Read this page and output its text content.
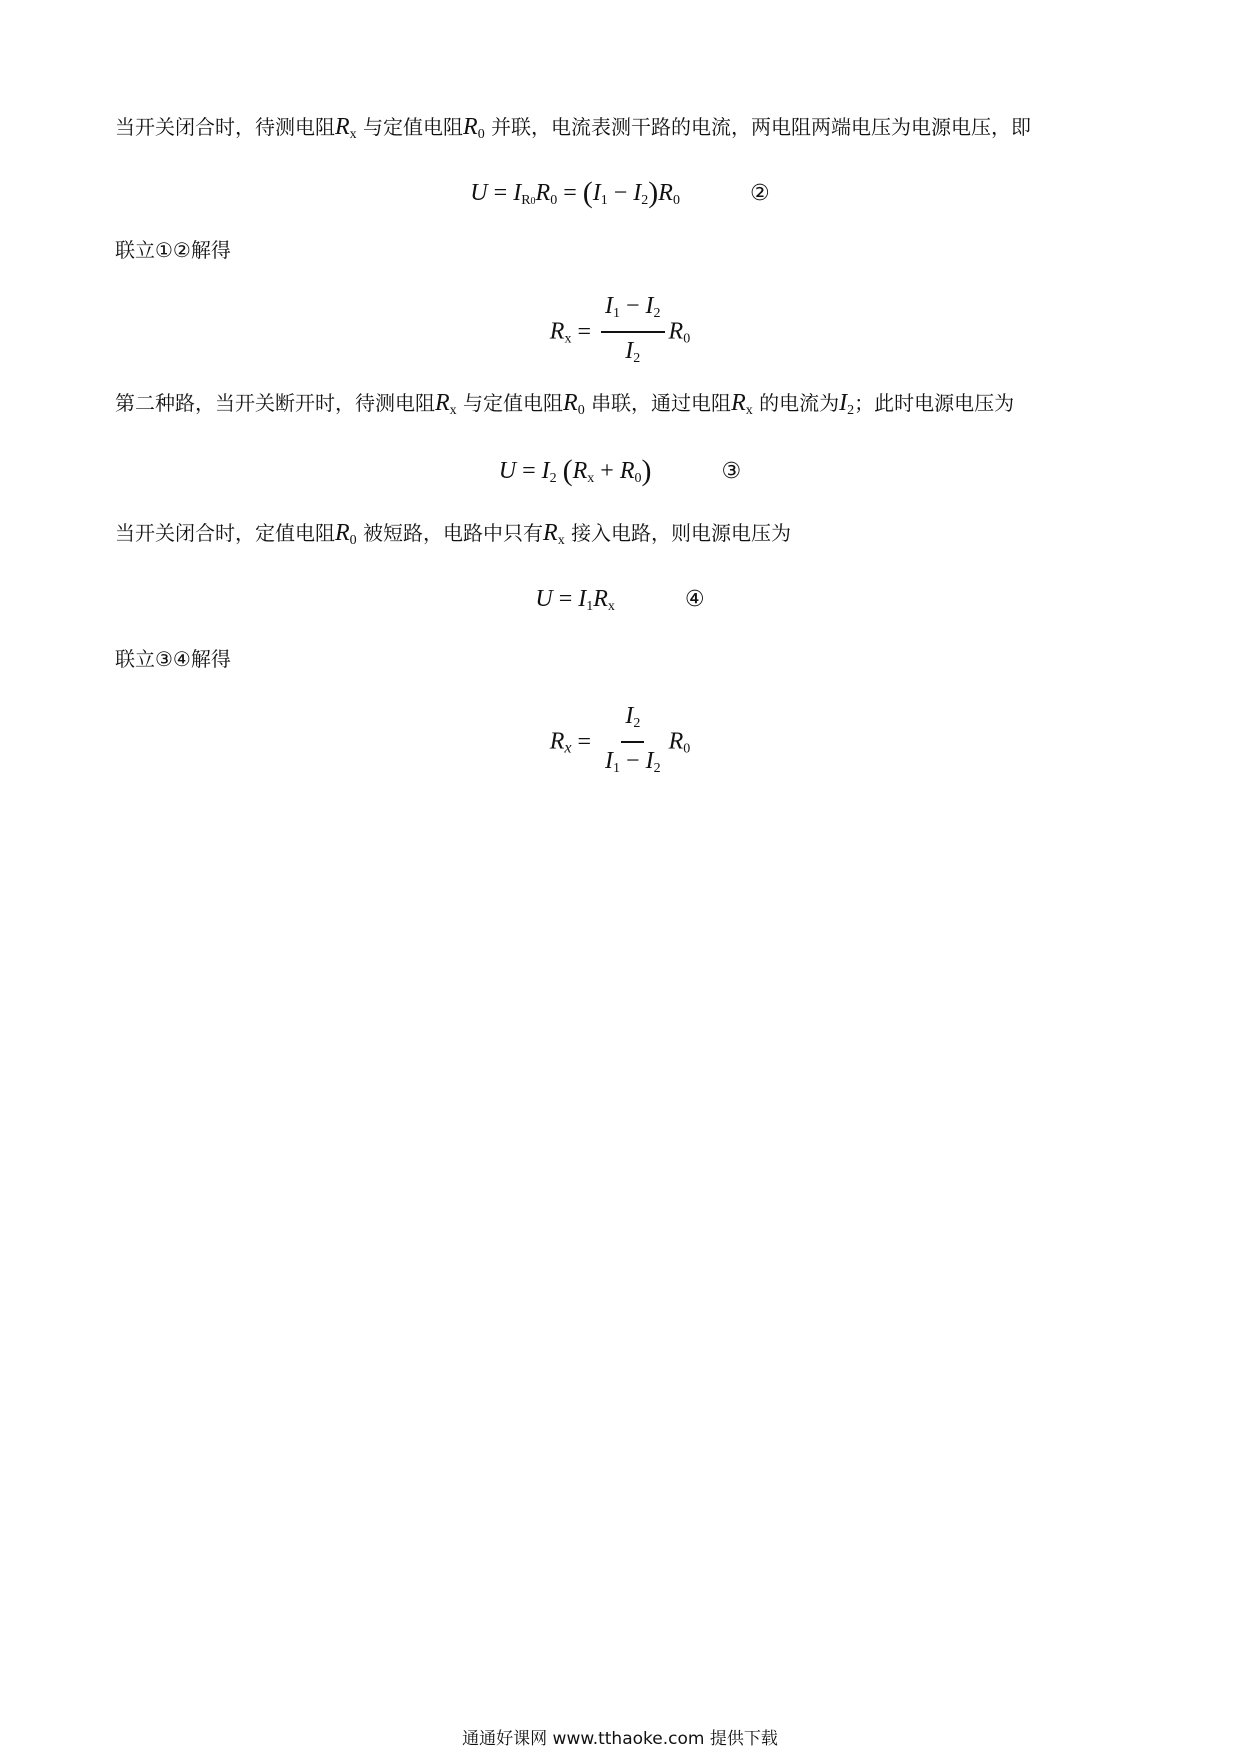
当开关闭合时，待测电阻$R_x$ 与定值电阻$R_0$ 并联，电流表测干路的电流，两电阻两端电压为电源电压，即
$U = I_{R0}R_0 = (I_1 - I_2)R_0$	②
联立①②解得
$R_x = \frac{I_1 - I_2}{I_2} R_0$
第二种路，当开关断开时，待测电阻$R_x$ 与定值电阻$R_0$ 串联，通过电阻$R_x$ 的电流为$I_2$；此时电源电压为
$U = I_2$ $(R_x + R_0)$	③
当开关闭合时，定值电阻$R_0$ 被短路，电路中只有$R_x$ 接入电路，则电源电压为
$U = I_1R_x$	④
联立③④解得
$R_x = \frac{I_2}{I_1 - I_2} R_0$
通通好课网 www.tthaoke.com 提供下载
